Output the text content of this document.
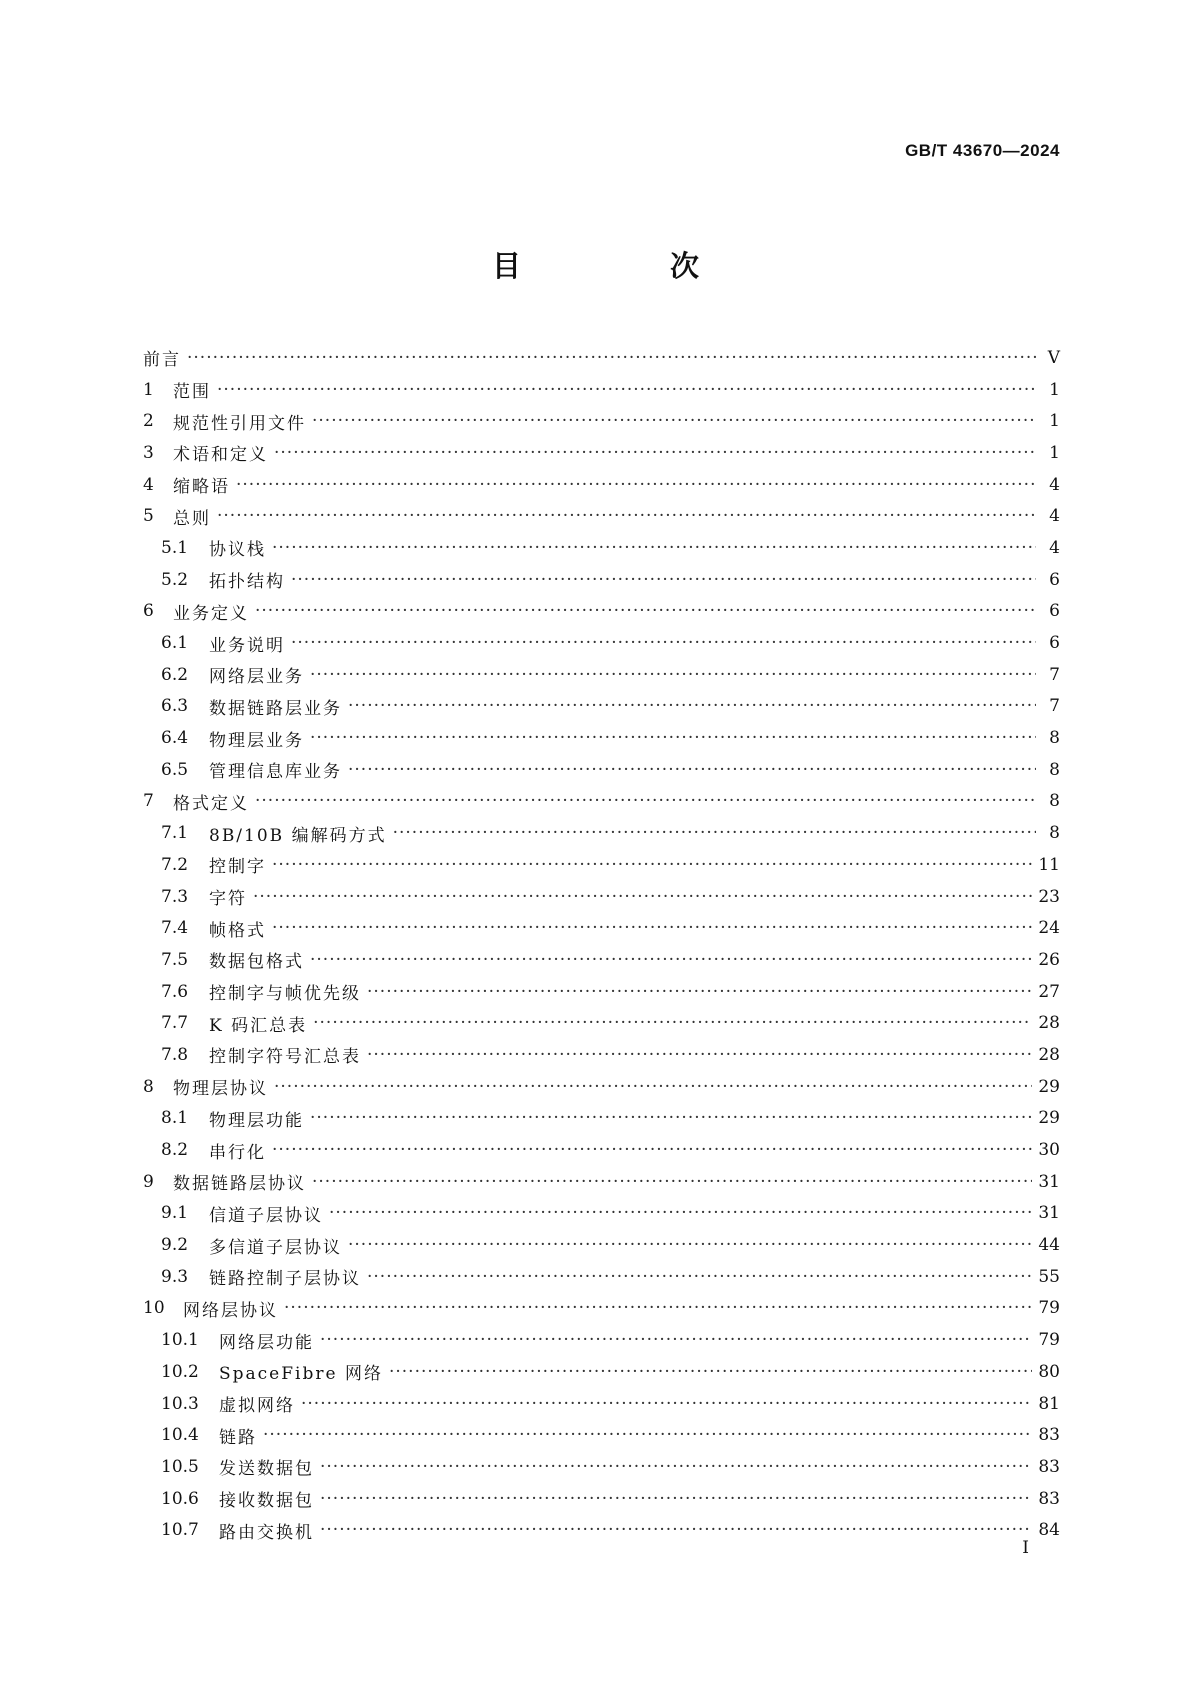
GB/T 43670—2024
目　次
前言 ·····	V
1	范围 ·····	1
2	规范性引用文件 ·····	1
3	术语和定义 ·····	1
4	缩略语 ·····	4
5	总则 ·····	4
5.1	协议栈 ·····	4
5.2	拓扑结构 ·····	6
6	业务定义 ·····	6
6.1	业务说明 ·····	6
6.2	网络层业务 ·····	7
6.3	数据链路层业务 ·····	7
6.4	物理层业务 ·····	8
6.5	管理信息库业务 ·····	8
7	格式定义 ·····	8
7.1	8B/10B 编解码方式 ·····	8
7.2	控制字 ·····	11
7.3	字符 ·····	23
7.4	帧格式 ·····	24
7.5	数据包格式 ·····	26
7.6	控制字与帧优先级 ·····	27
7.7	K 码汇总表 ·····	28
7.8	控制字符号汇总表 ·····	28
8	物理层协议 ·····	29
8.1	物理层功能 ·····	29
8.2	串行化 ·····	30
9	数据链路层协议 ·····	31
9.1	信道子层协议 ·····	31
9.2	多信道子层协议 ·····	44
9.3	链路控制子层协议 ·····	55
10	网络层协议 ·····	79
10.1	网络层功能 ·····	79
10.2	SpaceFibre 网络 ·····	80
10.3	虚拟网络 ·····	81
10.4	链路 ·····	83
10.5	发送数据包 ·····	83
10.6	接收数据包 ·····	83
10.7	路由交换机 ·····	84
I
